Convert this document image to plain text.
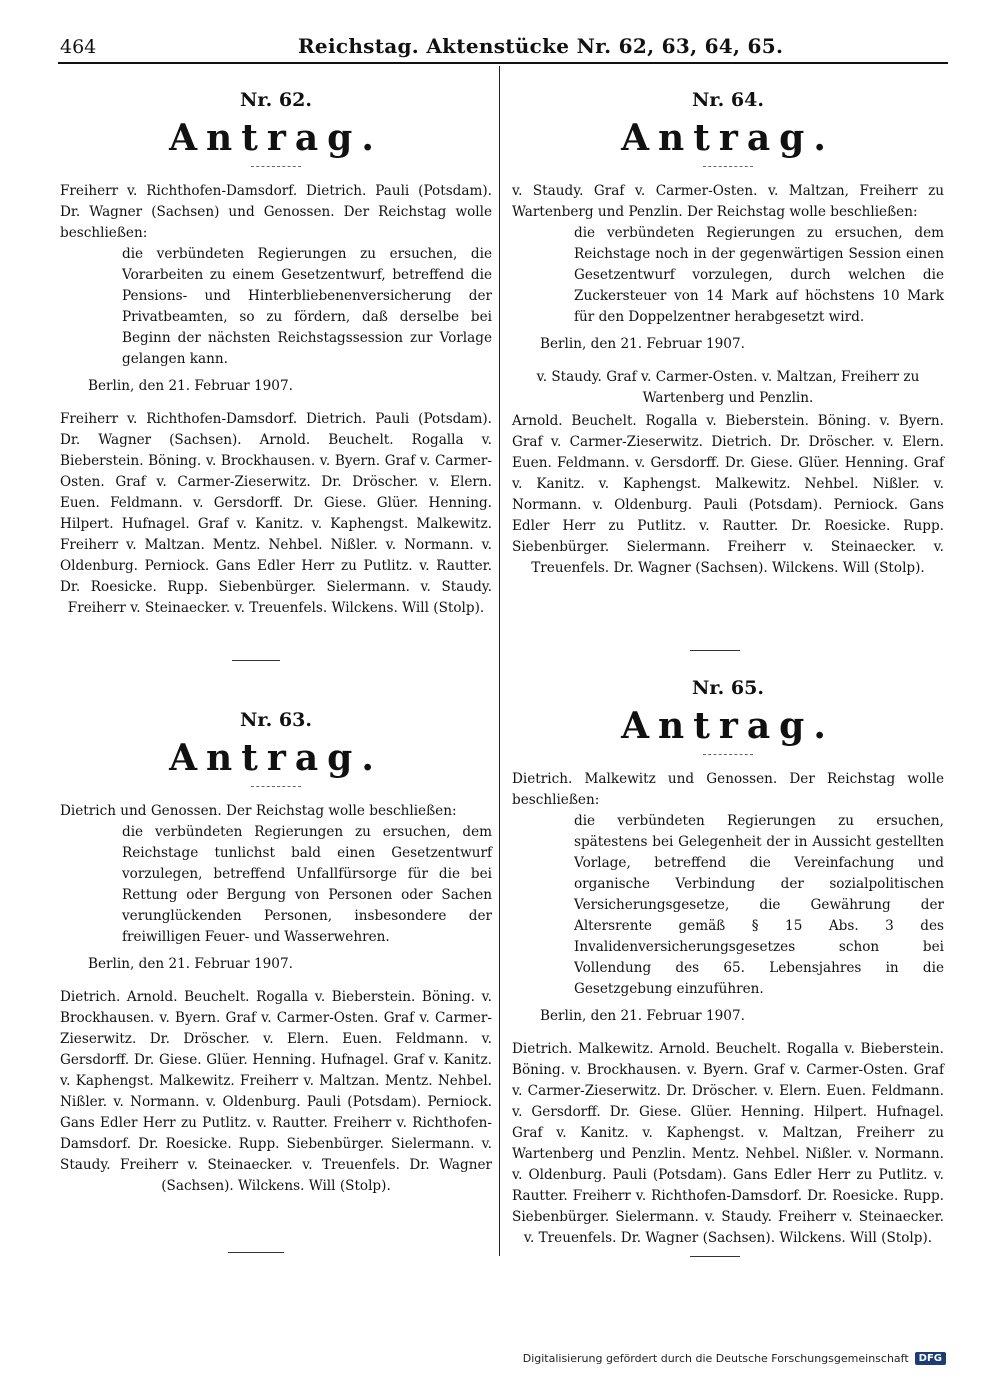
464	Reichstag. Aktenstücke Nr. 62, 63, 64, 65.

Nr. 62.

Antrag.

Freiherr v. Richthofen-Damsdorf. Dietrich. Pauli (Potsdam). Dr. Wagner (Sachsen) und Genossen. Der Reichstag wolle beschließen:

die verbündeten Regierungen zu ersuchen, die Vorarbeiten zu einem Gesetzentwurf, betreffend die Pensions- und Hinterbliebenenversicherung der Privatbeamten, so zu fördern, daß derselbe bei Beginn der nächsten Reichstagssession zur Vorlage gelangen kann.

Berlin, den 21. Februar 1907.

Freiherr v. Richthofen-Damsdorf. Dietrich. Pauli (Potsdam). Dr. Wagner (Sachsen). Arnold. Beuchelt. Rogalla v. Bieberstein. Böning. v. Brockhausen. v. Byern. Graf v. Carmer-Osten. Graf v. Carmer-Zieserwitz. Dr. Dröscher. v. Elern. Euen. Feldmann. v. Gersdorff. Dr. Giese. Glüer. Henning. Hilpert. Hufnagel. Graf v. Kanitz. v. Kaphengst. Malkewitz. Freiherr v. Maltzan. Mentz. Nehbel. Nißler. v. Normann. v. Oldenburg. Perniock. Gans Edler Herr zu Putlitz. v. Rautter. Dr. Roesicke. Rupp. Siebenbürger. Sielermann. v. Staudy. Freiherr v. Steinaecker. v. Treuenfels. Wilckens. Will (Stolp).

Nr. 63.

Antrag.

Dietrich und Genossen. Der Reichstag wolle beschließen:

die verbündeten Regierungen zu ersuchen, dem Reichstage tunlichst bald einen Gesetzentwurf vorzulegen, betreffend Unfallfürsorge für die bei Rettung oder Bergung von Personen oder Sachen verunglückenden Personen, insbesondere der freiwilligen Feuer- und Wasserwehren.

Berlin, den 21. Februar 1907.

Dietrich. Arnold. Beuchelt. Rogalla v. Bieberstein. Böning. v. Brockhausen. v. Byern. Graf v. Carmer-Osten. Graf v. Carmer-Zieserwitz. Dr. Dröscher. v. Elern. Euen. Feldmann. v. Gersdorff. Dr. Giese. Glüer. Henning. Hufnagel. Graf v. Kanitz. v. Kaphengst. Malkewitz. Freiherr v. Maltzan. Mentz. Nehbel. Nißler. v. Normann. v. Oldenburg. Pauli (Potsdam). Perniock. Gans Edler Herr zu Putlitz. v. Rautter. Freiherr v. Richthofen-Damsdorf. Dr. Roesicke. Rupp. Siebenbürger. Sielermann. v. Staudy. Freiherr v. Steinaecker. v. Treuenfels. Dr. Wagner (Sachsen). Wilckens. Will (Stolp).

Nr. 64.

Antrag.

v. Staudy. Graf v. Carmer-Osten. v. Maltzan, Freiherr zu Wartenberg und Penzlin. Der Reichstag wolle beschließen:

die verbündeten Regierungen zu ersuchen, dem Reichstage noch in der gegenwärtigen Session einen Gesetzentwurf vorzulegen, durch welchen die Zuckersteuer von 14 Mark auf höchstens 10 Mark für den Doppelzentner herabgesetzt wird.

Berlin, den 21. Februar 1907.

v. Staudy. Graf v. Carmer-Osten. v. Maltzan, Freiherr zu Wartenberg und Penzlin.

Arnold. Beuchelt. Rogalla v. Bieberstein. Böning. v. Byern. Graf v. Carmer-Zieserwitz. Dietrich. Dr. Dröscher. v. Elern. Euen. Feldmann. v. Gersdorff. Dr. Giese. Glüer. Henning. Graf v. Kanitz. v. Kaphengst. Malkewitz. Nehbel. Nißler. v. Normann. v. Oldenburg. Pauli (Potsdam). Perniock. Gans Edler Herr zu Putlitz. v. Rautter. Dr. Roesicke. Rupp. Siebenbürger. Sielermann. Freiherr v. Steinaecker. v. Treuenfels. Dr. Wagner (Sachsen). Wilckens. Will (Stolp).

Nr. 65.

Antrag.

Dietrich. Malkewitz und Genossen. Der Reichstag wolle beschließen:

die verbündeten Regierungen zu ersuchen, spätestens bei Gelegenheit der in Aussicht gestellten Vorlage, betreffend die Vereinfachung und organische Verbindung der sozialpolitischen Versicherungsgesetze, die Gewährung der Altersrente gemäß § 15 Abs. 3 des Invalidenversicherungsgesetzes schon bei Vollendung des 65. Lebensjahres in die Gesetzgebung einzuführen.

Berlin, den 21. Februar 1907.

Dietrich. Malkewitz. Arnold. Beuchelt. Rogalla v. Bieberstein. Böning. v. Brockhausen. v. Byern. Graf v. Carmer-Osten. Graf v. Carmer-Zieserwitz. Dr. Dröscher. v. Elern. Euen. Feldmann. v. Gersdorff. Dr. Giese. Glüer. Henning. Hilpert. Hufnagel. Graf v. Kanitz. v. Kaphengst. v. Maltzan, Freiherr zu Wartenberg und Penzlin. Mentz. Nehbel. Nißler. v. Normann. v. Oldenburg. Pauli (Potsdam). Gans Edler Herr zu Putlitz. v. Rautter. Freiherr v. Richthofen-Damsdorf. Dr. Roesicke. Rupp. Siebenbürger. Sielermann. v. Staudy. Freiherr v. Steinaecker. v. Treuenfels. Dr. Wagner (Sachsen). Wilckens. Will (Stolp).

Digitalisierung gefördert durch die Deutsche Forschungsgemeinschaft	DFG
